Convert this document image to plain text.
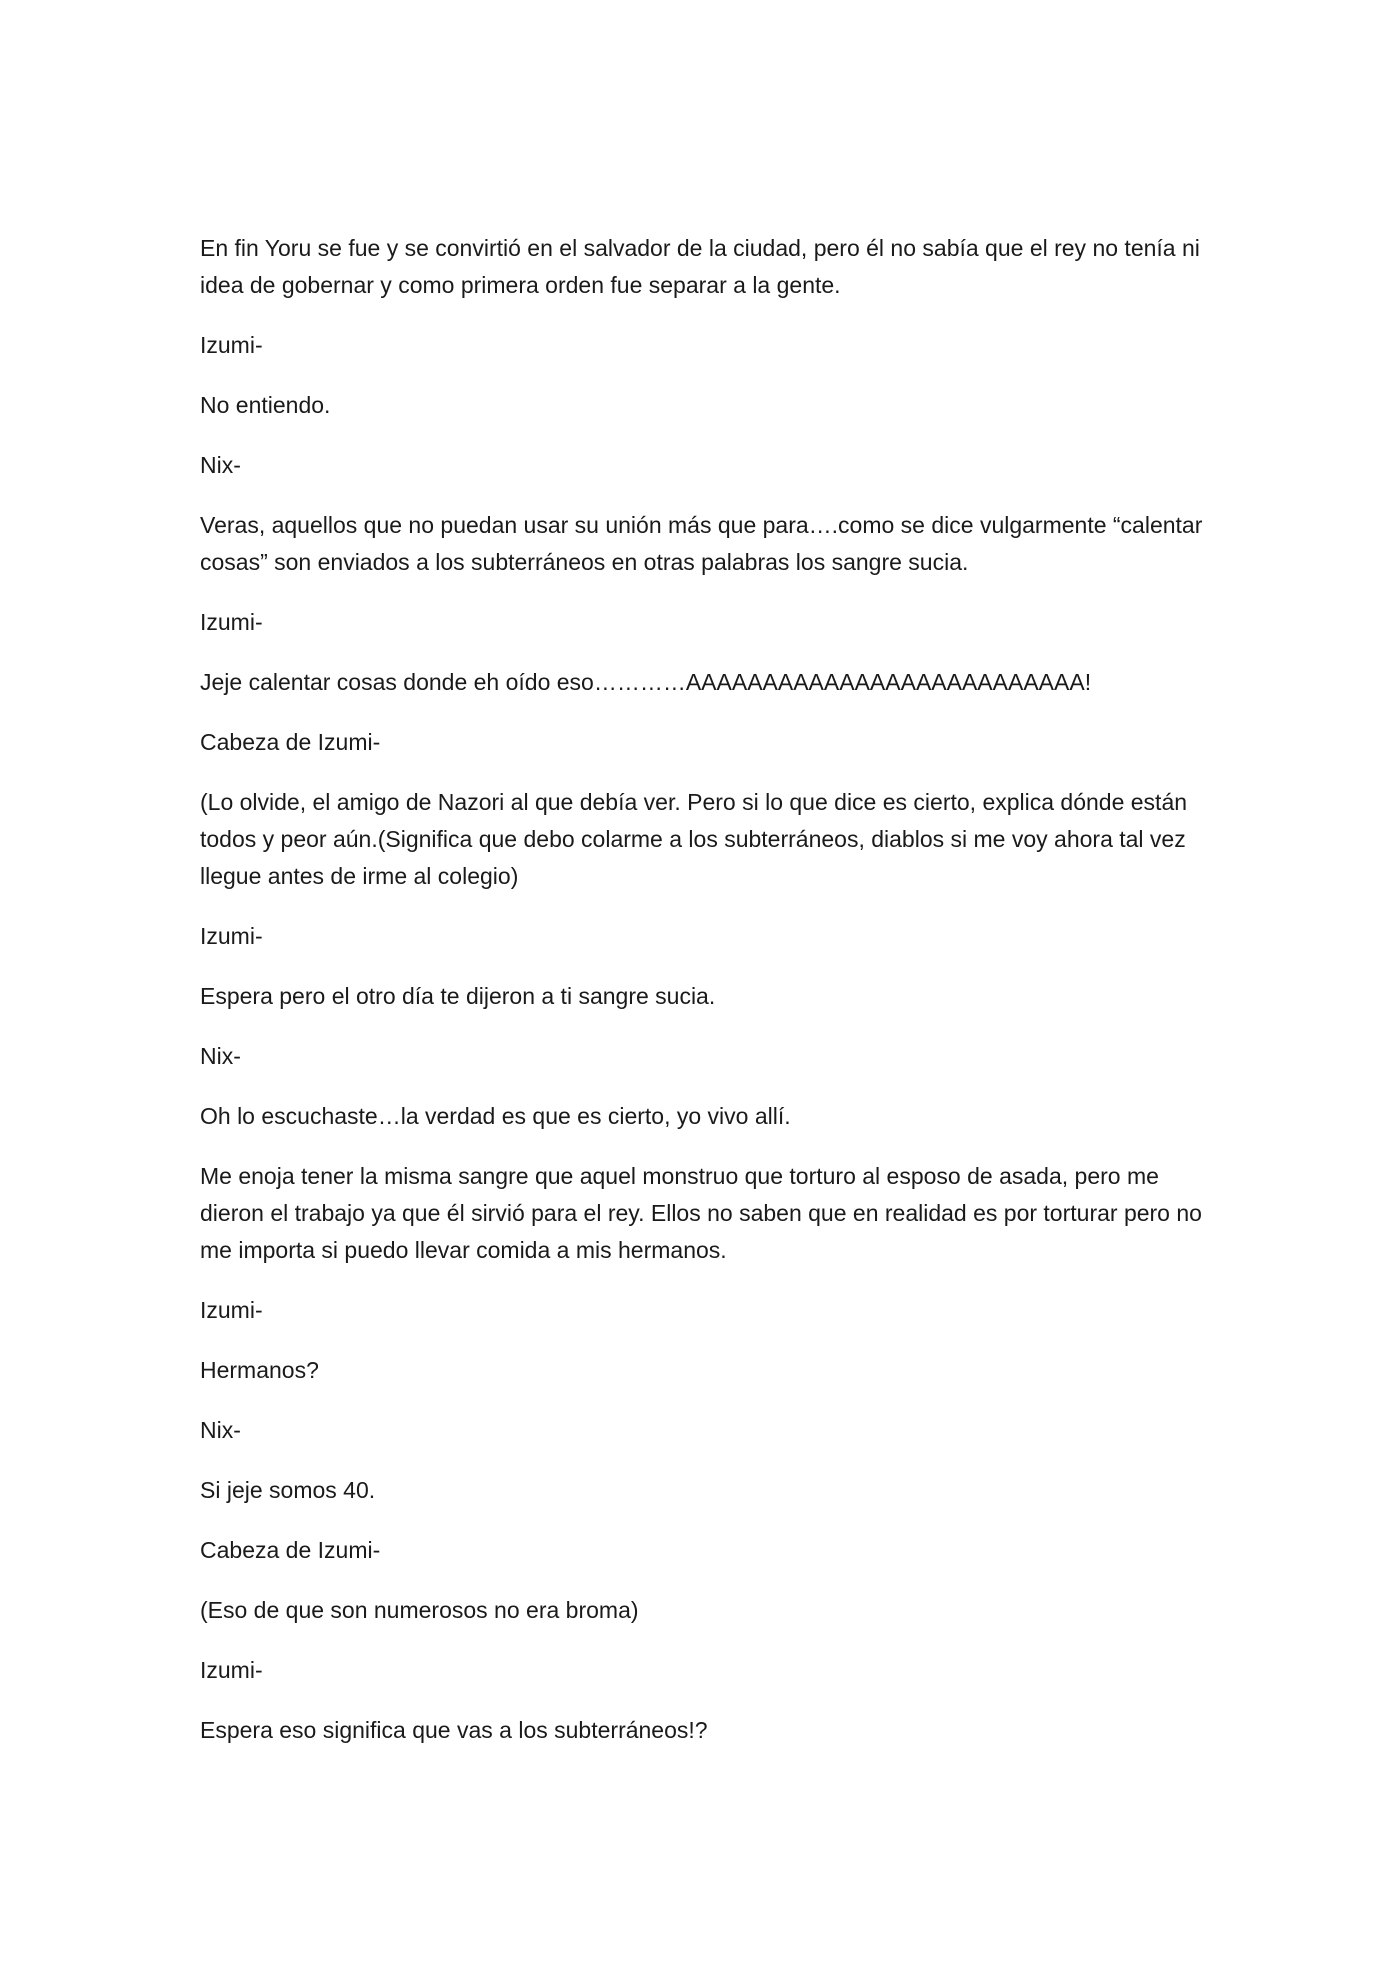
En fin Yoru se fue y se convirtió en el salvador de la ciudad, pero él no sabía que el rey no tenía ni idea de gobernar y como primera orden fue separar a la gente.

Izumi-

No entiendo.

Nix-

Veras, aquellos que no puedan usar su unión más que para….como se dice vulgarmente “calentar cosas” son enviados a los subterráneos en otras palabras los sangre sucia.

Izumi-

Jeje calentar cosas donde eh oído eso…………AAAAAAAAAAAAAAAAAAAAAAAAAA!

Cabeza de Izumi-

(Lo olvide, el amigo de Nazori al que debía ver. Pero si lo que dice es cierto, explica dónde están todos y peor aún.(Significa que debo colarme a los subterráneos, diablos si me voy ahora tal vez llegue antes de irme al colegio)

Izumi-

Espera pero el otro día te dijeron a ti sangre sucia.

Nix-

Oh lo escuchaste…la verdad es que es cierto, yo vivo allí.

Me enoja tener la misma sangre que aquel monstruo que torturo al esposo de asada, pero me dieron el trabajo ya que él sirvió para el rey. Ellos no saben que en realidad es por torturar pero no me importa si puedo llevar comida a mis hermanos.

Izumi-

Hermanos?

Nix-

Si jeje somos 40.

Cabeza de Izumi-

(Eso de que son numerosos no era broma)

Izumi-

Espera eso significa que vas a los subterráneos!?
